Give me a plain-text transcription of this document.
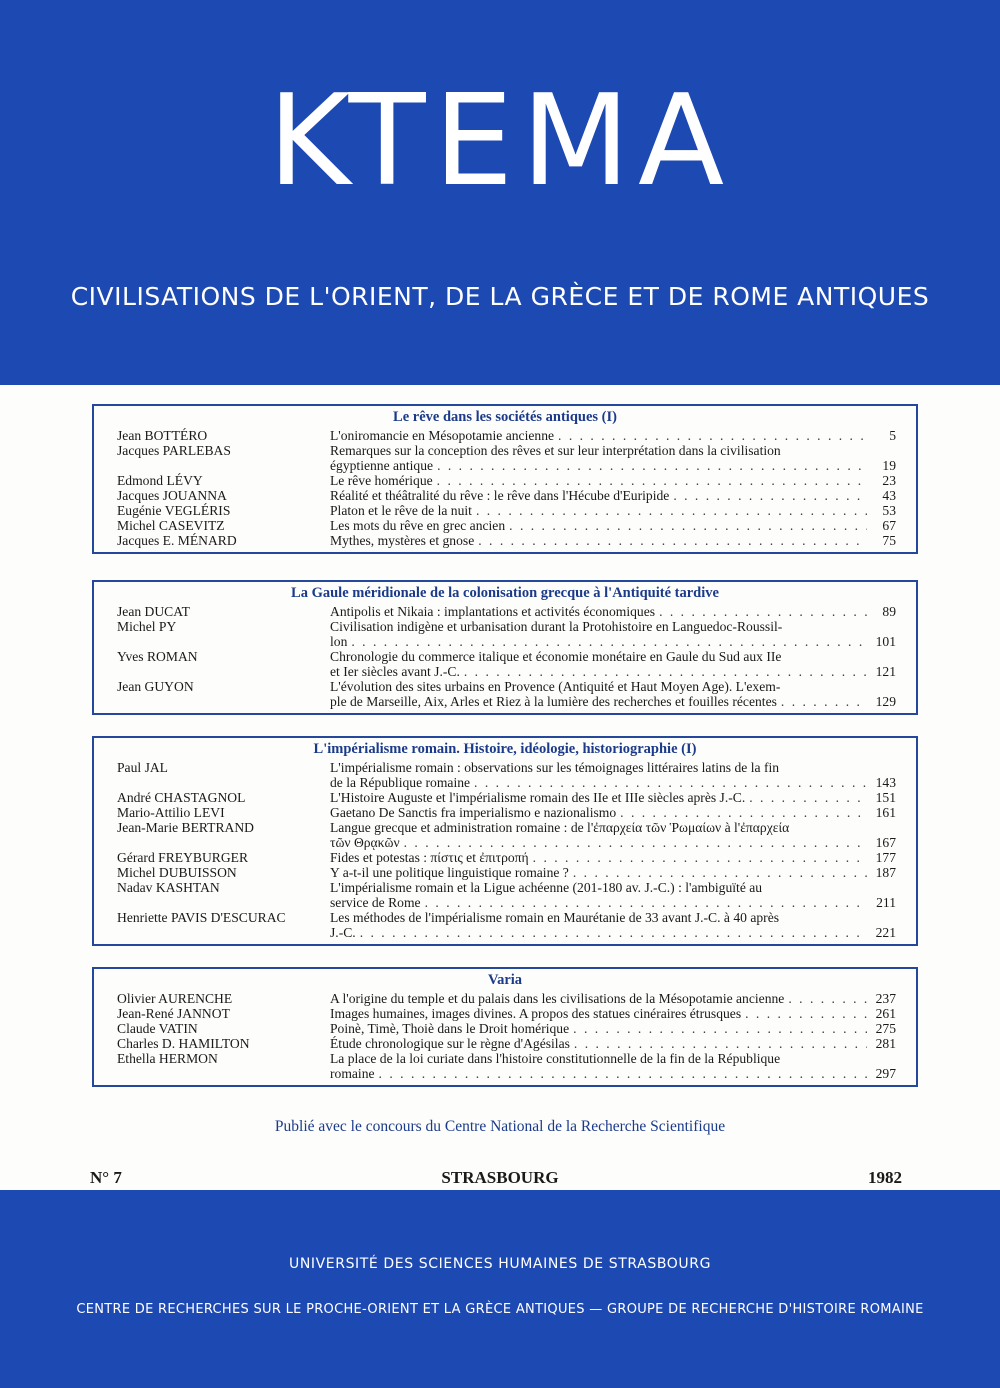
KTEMA
CIVILISATIONS DE L'ORIENT, DE LA GRÈCE ET DE ROME ANTIQUES
Le rêve dans les sociétés antiques (I)
Jean BOTTÉRO	L'oniromancie en Mésopotamie ancienne . . .	5
Jacques PARLEBAS	Remarques sur la conception des rêves et sur leur interprétation dans la civilisation
égyptienne antique . . .	19
Edmond LÉVY	Le rêve homérique . . .	23
Jacques JOUANNA	Réalité et théâtralité du rêve : le rêve dans l'Hécube d'Euripide . . .	43
Eugénie VEGLÉRIS	Platon et le rêve de la nuit . . .	53
Michel CASEVITZ	Les mots du rêve en grec ancien . . .	67
Jacques E. MÉNARD	Mythes, mystères et gnose . . .	75
La Gaule méridionale de la colonisation grecque à l'Antiquité tardive
Jean DUCAT	Antipolis et Nikaia : implantations et activités économiques . . .	89
Michel PY	Civilisation indigène et urbanisation durant la Protohistoire en Languedoc-Roussil-
lon . . .	101
Yves ROMAN	Chronologie du commerce italique et économie monétaire en Gaule du Sud aux IIe
et Ier siècles avant J.-C. . . .	121
Jean GUYON	L'évolution des sites urbains en Provence (Antiquité et Haut Moyen Age). L'exem-
ple de Marseille, Aix, Arles et Riez à la lumière des recherches et fouilles récentes . . .	129
L'impérialisme romain. Histoire, idéologie, historiographie (I)
Paul JAL	L'impérialisme romain : observations sur les témoignages littéraires latins de la fin
de la République romaine . . .	143
André CHASTAGNOL	L'Histoire Auguste et l'impérialisme romain des IIe et IIIe siècles après J.-C. . . .	151
Mario-Attilio LEVI	Gaetano De Sanctis fra imperialismo e nazionalismo . . .	161
Jean-Marie BERTRAND	Langue grecque et administration romaine : de l'ἐπαρχεία τῶν Ῥωμαίων à l'ἐπαρχεία
τῶν Θρᾳκῶν . . .	167
Gérard FREYBURGER	Fides et potestas : πίστις et ἐπιτροπή . . .	177
Michel DUBUISSON	Y a-t-il une politique linguistique romaine ? . . .	187
Nadav KASHTAN	L'impérialisme romain et la Ligue achéenne (201-180 av. J.-C.) : l'ambiguïté au
service de Rome . . .	211
Henriette PAVIS D'ESCURAC	Les méthodes de l'impérialisme romain en Maurétanie de 33 avant J.-C. à 40 après
J.-C. . . .	221
Varia
Olivier AURENCHE	A l'origine du temple et du palais dans les civilisations de la Mésopotamie ancienne . . .	237
Jean-René JANNOT	Images humaines, images divines. A propos des statues cinéraires étrusques . . .	261
Claude VATIN	Poinè, Timè, Thoiè dans le Droit homérique . . .	275
Charles D. HAMILTON	Étude chronologique sur le règne d'Agésilas . . .	281
Ethella HERMON	La place de la loi curiate dans l'histoire constitutionnelle de la fin de la République
romaine . . .	297
Publié avec le concours du Centre National de la Recherche Scientifique
N° 7	STRASBOURG	1982
UNIVERSITÉ DES SCIENCES HUMAINES DE STRASBOURG
CENTRE DE RECHERCHES SUR LE PROCHE-ORIENT ET LA GRÈCE ANTIQUES — GROUPE DE RECHERCHE D'HISTOIRE ROMAINE
